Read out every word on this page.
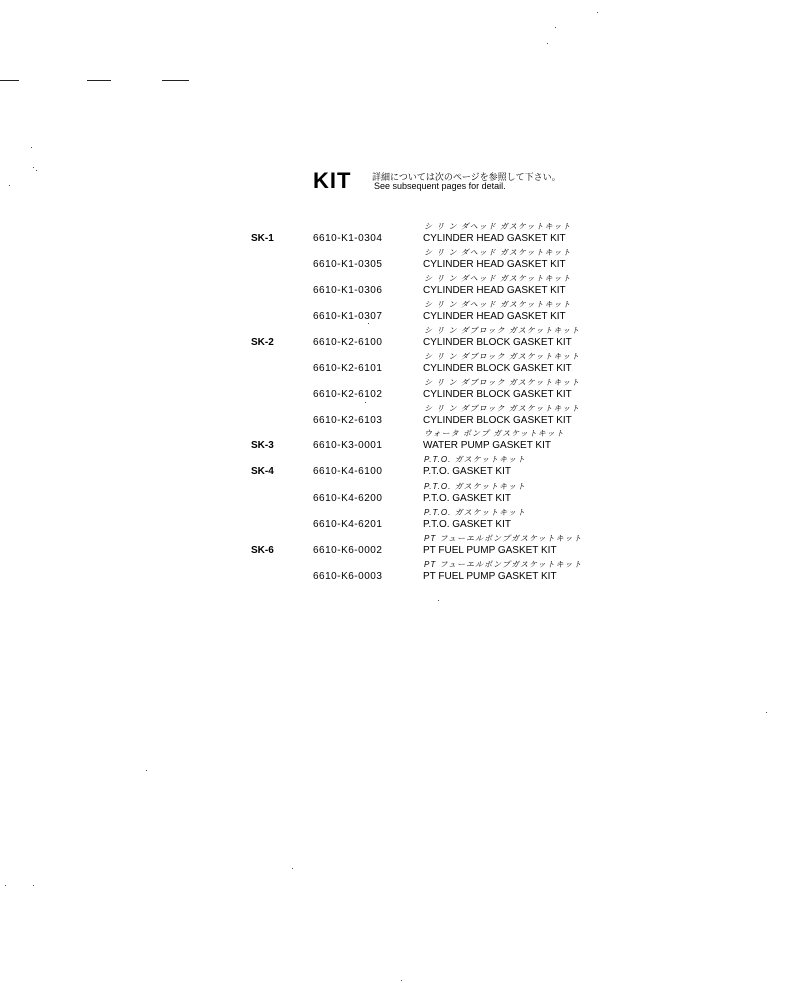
KIT 詳細については次のページを参照して下さい。
See subsequent pages for detail.
SK-1	6610-K1-0304
シ リ ン ダヘッド ガスケットキット
CYLINDER HEAD GASKET KIT
6610-K1-0305
シ リ ン ダヘッド ガスケットキット
CYLINDER HEAD GASKET KIT
6610-K1-0306
シ リ ン ダヘッド ガスケットキット
CYLINDER HEAD GASKET KIT
6610-K1-0307
シ リ ン ダヘッド ガスケットキット
CYLINDER HEAD GASKET KIT
SK-2	6610-K2-6100
シ リ ン ダブロック ガスケットキット
CYLINDER BLOCK GASKET KIT
6610-K2-6101
シ リ ン ダブロック ガスケットキット
CYLINDER BLOCK GASKET KIT
6610-K2-6102
シ リ ン ダブロック ガスケットキット
CYLINDER BLOCK GASKET KIT
6610-K2-6103
シ リ ン ダブロック ガスケットキット
CYLINDER BLOCK GASKET KIT
SK-3	6610-K3-0001
ウォータ ポンプ ガスケットキット
WATER PUMP GASKET KIT
SK-4	6610-K4-6100
P.T.O. ガスケットキット
P.T.O. GASKET KIT
6610-K4-6200
P.T.O. ガスケットキット
P.T.O. GASKET KIT
6610-K4-6201
P.T.O. ガスケットキット
P.T.O. GASKET KIT
SK-6	6610-K6-0002
PT フューエルポンプガスケットキット
PT FUEL PUMP GASKET KIT
6610-K6-0003
PT フューエルポンプガスケットキット
PT FUEL PUMP GASKET KIT
